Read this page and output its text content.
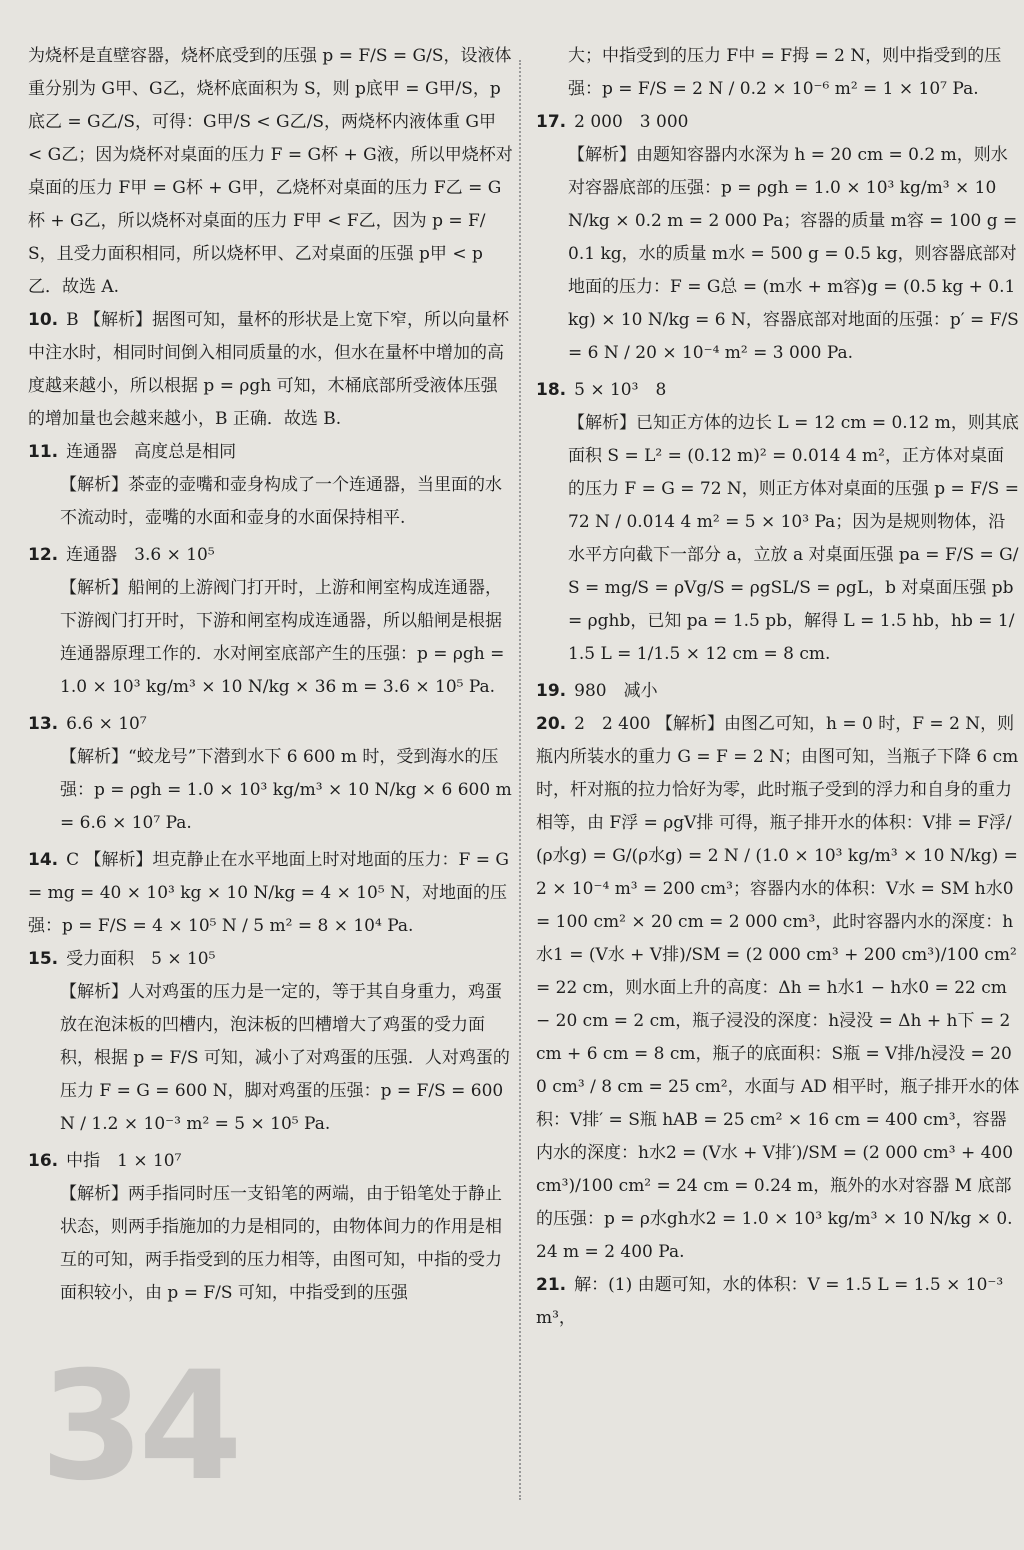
34

为烧杯是直壁容器，烧杯底受到的压强 p = F/S = G/S，设液体重分别为 G甲、G乙，烧杯底面积为 S，则 p底甲 = G甲/S，p底乙 = G乙/S，可得：G甲/S < G乙/S，两烧杯内液体重 G甲 < G乙；因为烧杯对桌面的压力 F = G杯 + G液，所以甲烧杯对桌面的压力 F甲 = G杯 + G甲，乙烧杯对桌面的压力 F乙 = G杯 + G乙，所以烧杯对桌面的压力 F甲 < F乙，因为 p = F/S，且受力面积相同，所以烧杯甲、乙对桌面的压强 p甲 < p乙．故选 A.

10. B 【解析】据图可知，量杯的形状是上宽下窄，所以向量杯中注水时，相同时间倒入相同质量的水，但水在量杯中增加的高度越来越小，所以根据 p = ρgh 可知，木桶底部所受液体压强的增加量也会越来越小，B 正确．故选 B.

11. 连通器　高度总是相同

【解析】茶壶的壶嘴和壶身构成了一个连通器，当里面的水不流动时，壶嘴的水面和壶身的水面保持相平.

12. 连通器　3.6 × 10⁵

【解析】船闸的上游阀门打开时，上游和闸室构成连通器，下游阀门打开时，下游和闸室构成连通器，所以船闸是根据连通器原理工作的．水对闸室底部产生的压强：p = ρgh = 1.0 × 10³ kg/m³ × 10 N/kg × 36 m = 3.6 × 10⁵ Pa.

13. 6.6 × 10⁷

【解析】“蛟龙号”下潜到水下 6 600 m 时，受到海水的压强：p = ρgh = 1.0 × 10³ kg/m³ × 10 N/kg × 6 600 m = 6.6 × 10⁷ Pa.

14. C 【解析】坦克静止在水平地面上时对地面的压力：F = G = mg = 40 × 10³ kg × 10 N/kg = 4 × 10⁵ N，对地面的压强：p = F/S = 4 × 10⁵ N / 5 m² = 8 × 10⁴ Pa.

15. 受力面积　5 × 10⁵

【解析】人对鸡蛋的压力是一定的，等于其自身重力，鸡蛋放在泡沫板的凹槽内，泡沫板的凹槽增大了鸡蛋的受力面积，根据 p = F/S 可知，减小了对鸡蛋的压强．人对鸡蛋的压力 F = G = 600 N，脚对鸡蛋的压强：p = F/S = 600 N / 1.2 × 10⁻³ m² = 5 × 10⁵ Pa.

16. 中指　1 × 10⁷

【解析】两手指同时压一支铅笔的两端，由于铅笔处于静止状态，则两手指施加的力是相同的，由物体间力的作用是相互的可知，两手指受到的压力相等，由图可知，中指的受力面积较小，由 p = F/S 可知，中指受到的压强

大；中指受到的压力 F中 = F拇 = 2 N，则中指受到的压强：p = F/S = 2 N / 0.2 × 10⁻⁶ m² = 1 × 10⁷ Pa.

17. 2 000　3 000

【解析】由题知容器内水深为 h = 20 cm = 0.2 m，则水对容器底部的压强：p = ρgh = 1.0 × 10³ kg/m³ × 10 N/kg × 0.2 m = 2 000 Pa；容器的质量 m容 = 100 g = 0.1 kg，水的质量 m水 = 500 g = 0.5 kg，则容器底部对地面的压力：F = G总 = (m水 + m容)g = (0.5 kg + 0.1 kg) × 10 N/kg = 6 N，容器底部对地面的压强：p′ = F/S = 6 N / 20 × 10⁻⁴ m² = 3 000 Pa.

18. 5 × 10³　8

【解析】已知正方体的边长 L = 12 cm = 0.12 m，则其底面积 S = L² = (0.12 m)² = 0.014 4 m²，正方体对桌面的压力 F = G = 72 N，则正方体对桌面的压强 p = F/S = 72 N / 0.014 4 m² = 5 × 10³ Pa；因为是规则物体，沿水平方向截下一部分 a，立放 a 对桌面压强 pa = F/S = G/S = mg/S = ρVg/S = ρgSL/S = ρgL，b 对桌面压强 pb = ρghb，已知 pa = 1.5 pb，解得 L = 1.5 hb，hb = 1/1.5 L = 1/1.5 × 12 cm = 8 cm.

19. 980　减小

20. 2　2 400 【解析】由图乙可知，h = 0 时，F = 2 N，则瓶内所装水的重力 G = F = 2 N；由图可知，当瓶子下降 6 cm 时，杆对瓶的拉力恰好为零，此时瓶子受到的浮力和自身的重力相等，由 F浮 = ρgV排 可得，瓶子排开水的体积：V排 = F浮/(ρ水g) = G/(ρ水g) = 2 N / (1.0 × 10³ kg/m³ × 10 N/kg) = 2 × 10⁻⁴ m³ = 200 cm³；容器内水的体积：V水 = SM h水0 = 100 cm² × 20 cm = 2 000 cm³，此时容器内水的深度：h水1 = (V水 + V排)/SM = (2 000 cm³ + 200 cm³)/100 cm² = 22 cm，则水面上升的高度：Δh = h水1 − h水0 = 22 cm − 20 cm = 2 cm，瓶子浸没的深度：h浸没 = Δh + h下 = 2 cm + 6 cm = 8 cm，瓶子的底面积：S瓶 = V排/h浸没 = 200 cm³ / 8 cm = 25 cm²，水面与 AD 相平时，瓶子排开水的体积：V排′ = S瓶 hAB = 25 cm² × 16 cm = 400 cm³，容器内水的深度：h水2 = (V水 + V排′)/SM = (2 000 cm³ + 400 cm³)/100 cm² = 24 cm = 0.24 m，瓶外的水对容器 M 底部的压强：p = ρ水gh水2 = 1.0 × 10³ kg/m³ × 10 N/kg × 0.24 m = 2 400 Pa.

21. 解：(1) 由题可知，水的体积：V = 1.5 L = 1.5 × 10⁻³ m³，
